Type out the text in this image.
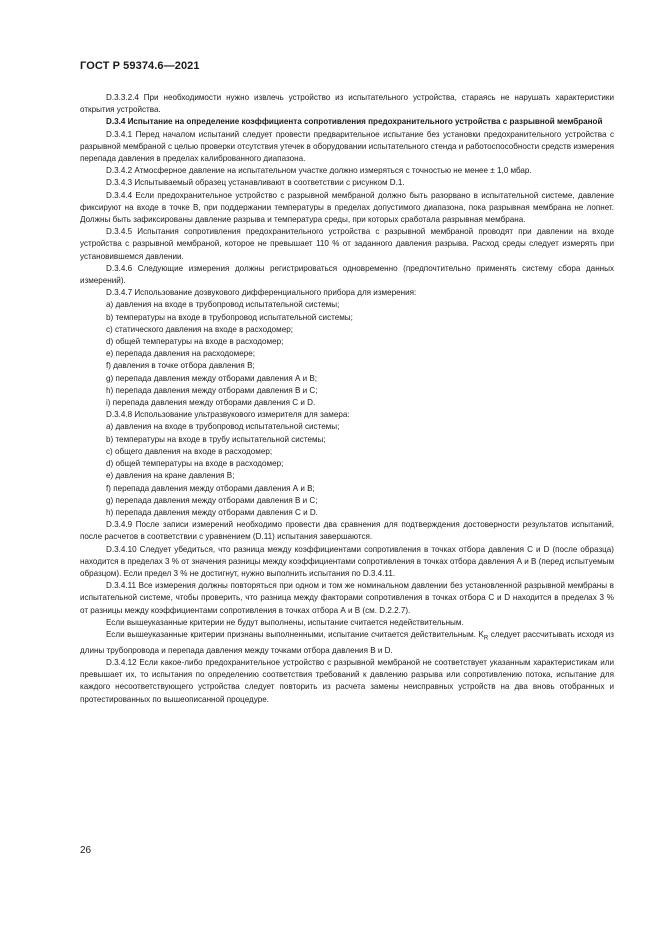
ГОСТ Р 59374.6—2021

D.3.3.2.4 При необходимости нужно извлечь устройство из испытательного устройства, стараясь не нарушать характеристики открытия устройства.

D.3.4 Испытание на определение коэффициента сопротивления предохранительного устройства с разрывной мембраной

D.3.4.1 Перед началом испытаний следует провести предварительное испытание без установки предохранительного устройства с разрывной мембраной с целью проверки отсутствия утечек в оборудовании испытательного стенда и работоспособности средств измерения перепада давления в пределах калиброванного диапазона.

D.3.4.2 Атмосферное давление на испытательном участке должно измеряться с точностью не менее ± 1,0 мбар.

D.3.4.3 Испытываемый образец устанавливают в соответствии с рисунком D.1.

D.3.4.4 Если предохранительное устройство с разрывной мембраной должно быть разорвано в испытательной системе, давление фиксируют на входе в точке В, при поддержании температуры в пределах допустимого диапазона, пока разрывная мембрана не лопнет. Должны быть зафиксированы давление разрыва и температура среды, при которых сработала разрывная мембрана.

D.3.4.5 Испытания сопротивления предохранительного устройства с разрывной мембраной проводят при давлении на входе устройства с разрывной мембраной, которое не превышает 110 % от заданного давления разрыва. Расход среды следует измерять при установившемся давлении.

D.3.4.6 Следующие измерения должны регистрироваться одновременно (предпочтительно применять систему сбора данных измерений).

D.3.4.7 Использование дозвукового дифференциального прибора для измерения:

a) давления на входе в трубопровод испытательной системы;

b) температуры на входе в трубопровод испытательной системы;

c) статического давления на входе в расходомер;

d) общей температуры на входе в расходомер;

e) перепада давления на расходомере;

f) давления в точке отбора давления В;

g) перепада давления между отборами давления А и В;

h) перепада давления между отборами давления В и С;

i) перепада давления между отборами давления С и D.

D.3.4.8 Использование ультразвукового измерителя для замера:

a) давления на входе в трубопровод испытательной системы;

b) температуры на входе в трубу испытательной системы;

c) общего давления на входе в расходомер;

d) общей температуры на входе в расходомер;

e) давления на кране давления В;

f) перепада давления между отборами давления А и В;

g) перепада давления между отборами давления В и С;

h) перепада давления между отборами давления С и D.

D.3.4.9 После записи измерений необходимо провести два сравнения для подтверждения достоверности результатов испытаний, после расчетов в соответствии с уравнением (D.11) испытания завершаются.

D.3.4.10 Следует убедиться, что разница между коэффициентами сопротивления в точках отбора давления С и D (после образца) находится в пределах 3 % от значения разницы между коэффициентами сопротивления в точках отбора давления А и В (перед испытуемым образцом). Если предел 3 % не достигнут, нужно выполнить испытания по D.3.4.11.

D.3.4.11 Все измерения должны повторяться при одном и том же номинальном давлении без установленной разрывной мембраны в испытательной системе, чтобы проверить, что разница между факторами сопротивления в точках отбора С и D находится в пределах 3 % от разницы между коэффициентами сопротивления в точках отбора А и В (см. D.2.2.7).

Если вышеуказанные критерии не будут выполнены, испытание считается недействительным.

Если вышеуказанные критерии признаны выполненными, испытание считается действительным. $K_R$ следует рассчитывать исходя из длины трубопровода и перепада давления между точками отбора давления В и D.

D.3.4.12 Если какое-либо предохранительное устройство с разрывной мембраной не соответствует указанным характеристикам или превышает их, то испытания по определению соответствия требований к давлению разрыва или сопротивлению потока, испытание для каждого несоответствующего устройства следует повторить из расчета замены неисправных устройств на два вновь отобранных и протестированных по вышеописанной процедуре.

26
